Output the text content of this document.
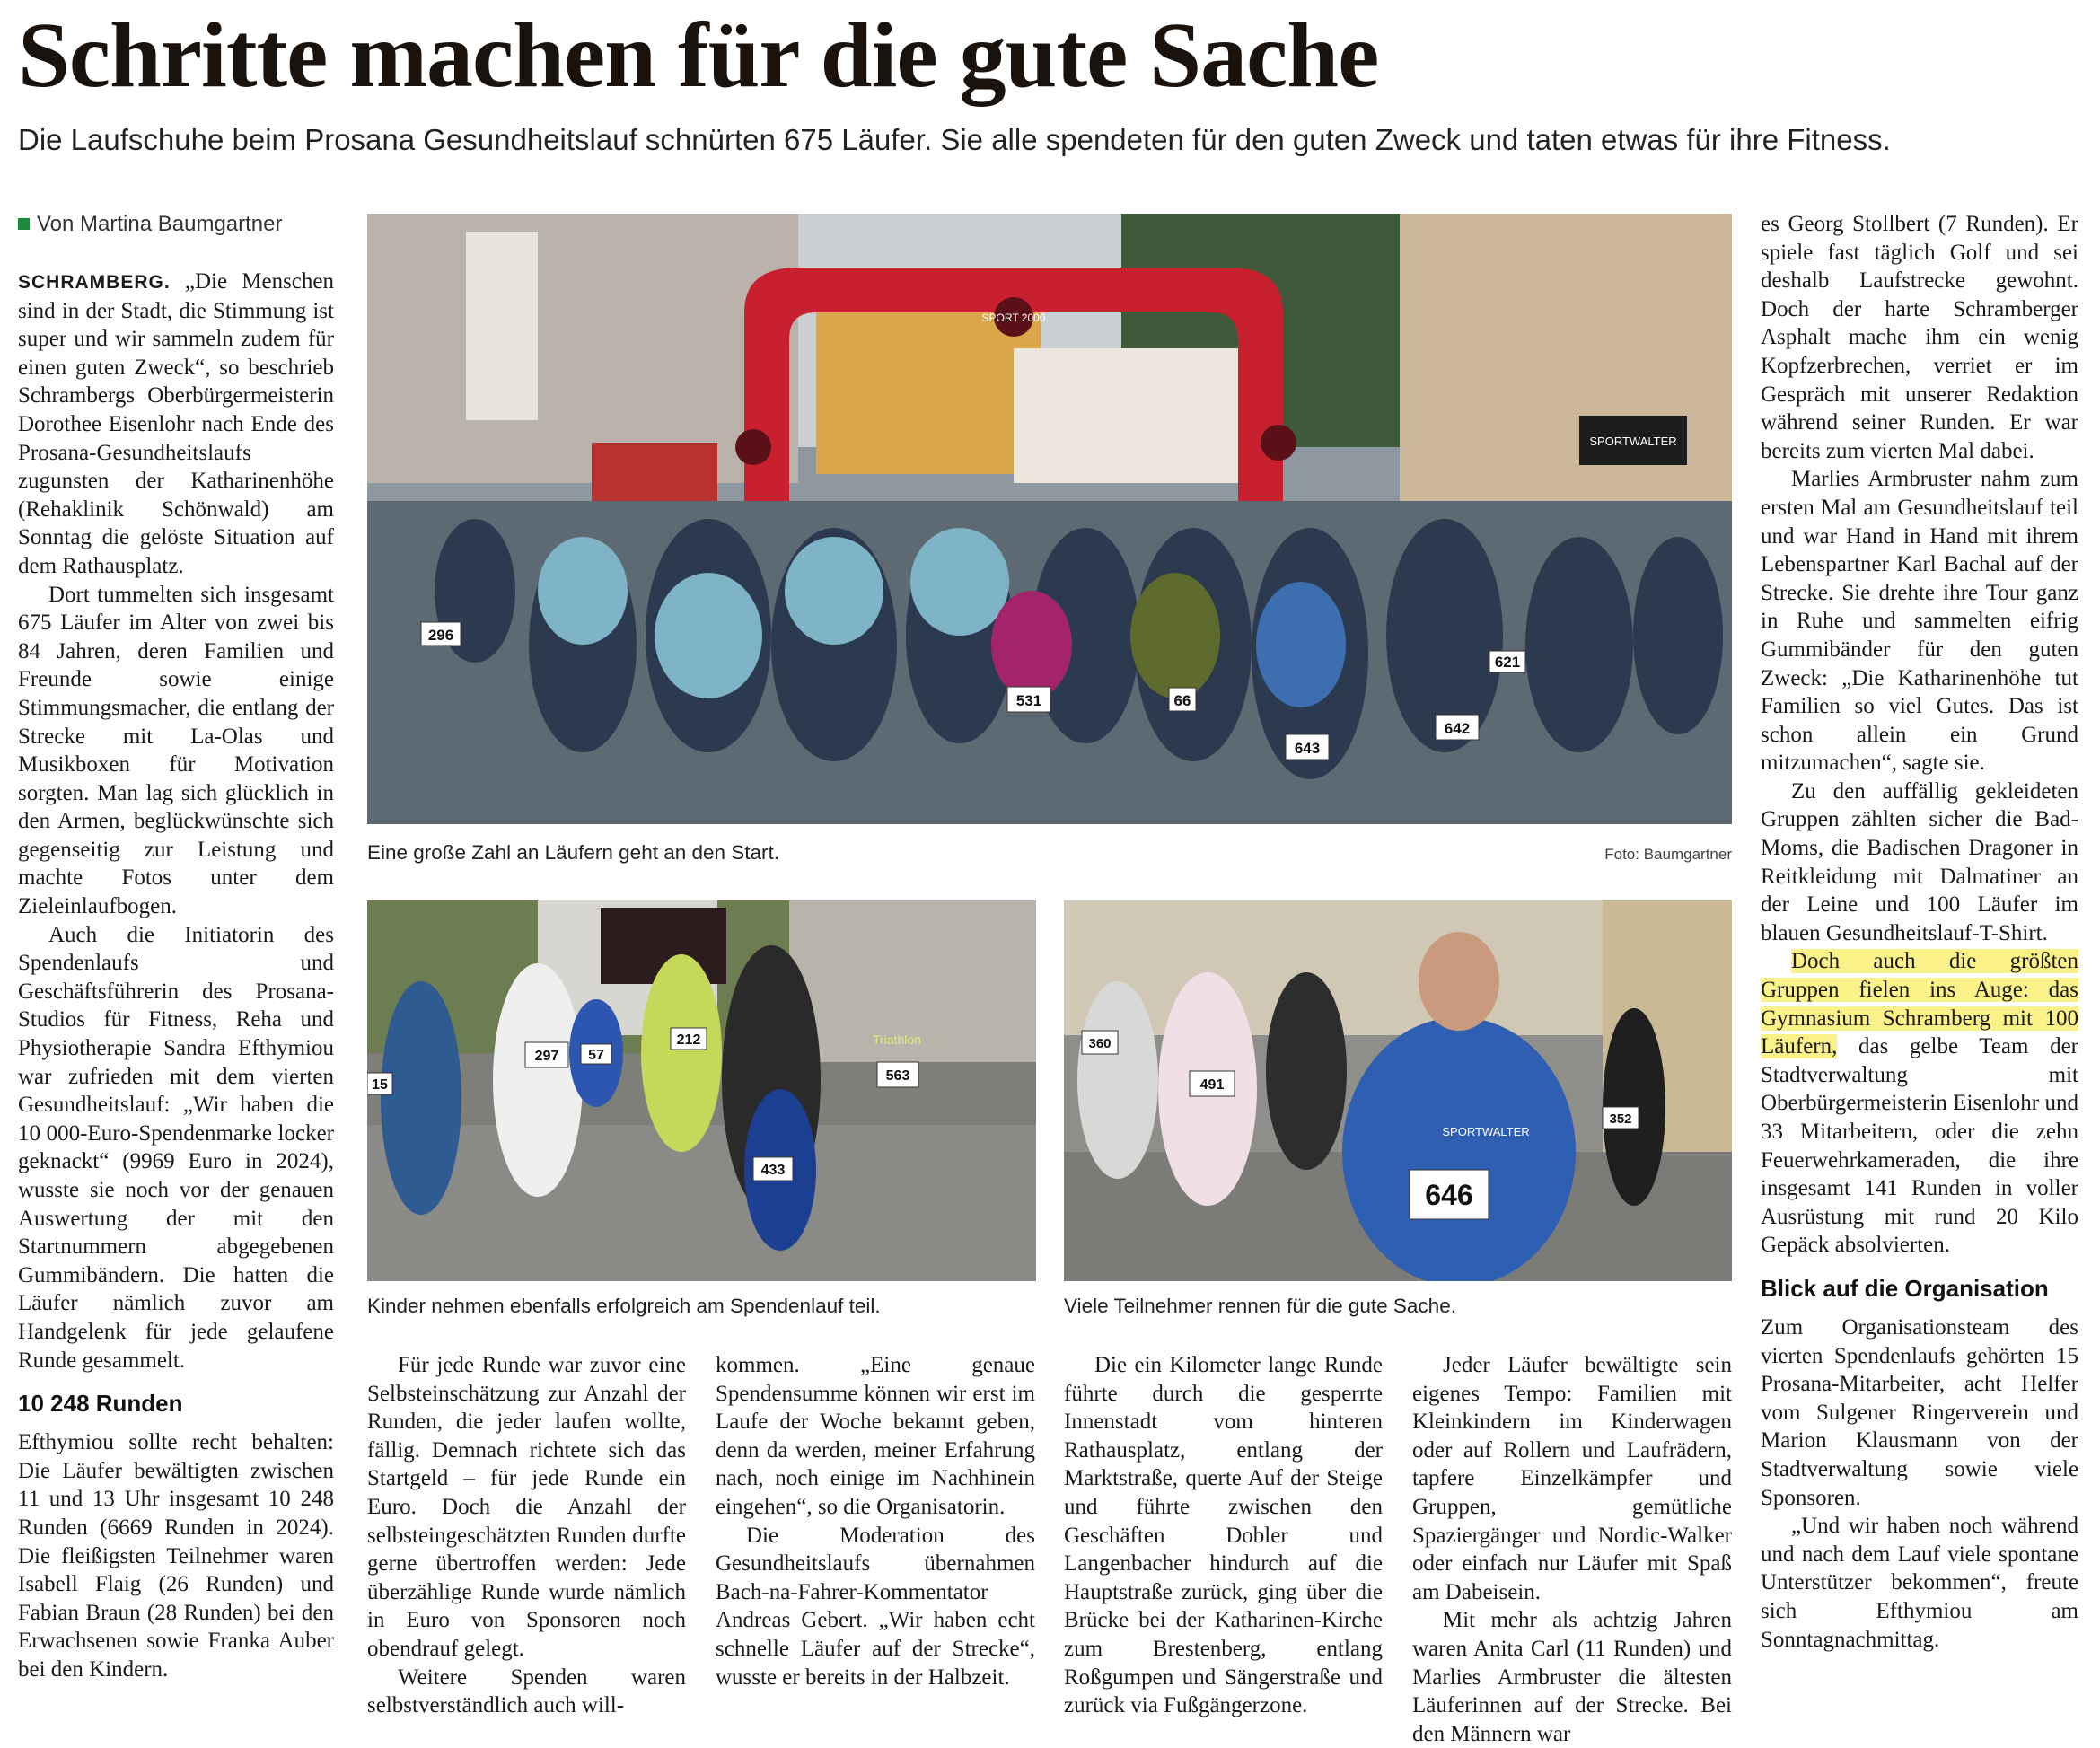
Schritte machen für die gute Sache

Die Laufschuhe beim Prosana Gesundheitslauf schnürten 675 Läufer. Sie alle spendeten für den guten Zweck und taten etwas für ihre Fitness.

Von Martina Baumgartner

SCHRAMBERG. „Die Menschen sind in der Stadt, die Stimmung ist super und wir sammeln zudem für einen guten Zweck“, so beschrieb Schrambergs Oberbürgermeisterin Dorothee Eisenlohr nach Ende des Prosana-Gesundheitslaufs zugunsten der Katharinenhöhe (Rehaklinik Schönwald) am Sonntag die gelöste Situation auf dem Rathausplatz.

Dort tummelten sich insgesamt 675 Läufer im Alter von zwei bis 84 Jahren, deren Familien und Freunde sowie einige Stimmungsmacher, die entlang der Strecke mit La-Olas und Musikboxen für Motivation sorgten. Man lag sich glücklich in den Armen, beglückwünschte sich gegenseitig zur Leistung und machte Fotos unter dem Zieleinlaufbogen.

Auch die Initiatorin des Spendenlaufs und Geschäftsführerin des Prosana-Studios für Fitness, Reha und Physiotherapie Sandra Efthymiou war zufrieden mit dem vierten Gesundheitslauf: „Wir haben die 10 000-Euro-Spendenmarke locker geknackt“ (9969 Euro in 2024), wusste sie noch vor der genauen Auswertung der mit den Startnummern abgegebenen Gummibändern. Die hatten die Läufer nämlich zuvor am Handgelenk für jede gelaufene Runde gesammelt.

10 248 Runden

Efthymiou sollte recht behalten: Die Läufer bewältigten zwischen 11 und 13 Uhr insgesamt 10 248 Runden (6669 Runden in 2024). Die fleißigsten Teilnehmer waren Isabell Flaig (26 Runden) und Fabian Braun (28 Runden) bei den Erwachsenen sowie Franka Auber bei den Kindern.

SPORT 2000
SPORTWALTER
296
531
643
642
621
66
Eine große Zahl an Läufern geht an den Start.	Foto: Baumgartner
297
212
563
57
433
15
Triathlon
Kinder nehmen ebenfalls erfolgreich am Spendenlauf teil.
646
491
360
352
SPORTWALTER
Viele Teilnehmer rennen für die gute Sache.

Für jede Runde war zuvor eine Selbsteinschätzung zur Anzahl der Runden, die jeder laufen wollte, fällig. Demnach richtete sich das Startgeld – für jede Runde ein Euro. Doch die Anzahl der selbsteingeschätzten Runden durfte gerne übertroffen werden: Jede überzählige Runde wurde nämlich in Euro von Sponsoren noch obendrauf gelegt.

Weitere Spenden waren selbstverständlich auch will-

kommen. „Eine genaue Spendensumme können wir erst im Laufe der Woche bekannt geben, denn da werden, meiner Erfahrung nach, noch einige im Nachhinein eingehen“, so die Organisatorin.

Die Moderation des Gesundheitslaufs übernahmen Bach-na-Fahrer-Kommentator Andreas Gebert. „Wir haben echt schnelle Läufer auf der Strecke“, wusste er bereits in der Halbzeit.

Die ein Kilometer lange Runde führte durch die gesperrte Innenstadt vom hinteren Rathausplatz, entlang der Marktstraße, querte Auf der Steige und führte zwischen den Geschäften Dobler und Langenbacher hindurch auf die Hauptstraße zurück, ging über die Brücke bei der Katharinen-Kirche zum Brestenberg, entlang Roßgumpen und Sängerstraße und zurück via Fußgängerzone.

Jeder Läufer bewältigte sein eigenes Tempo: Familien mit Kleinkindern im Kinderwagen oder auf Rollern und Laufrädern, tapfere Einzelkämpfer und Gruppen, gemütliche Spaziergänger und Nordic-Walker oder einfach nur Läufer mit Spaß am Dabeisein.

Mit mehr als achtzig Jahren waren Anita Carl (11 Runden) und Marlies Armbruster die ältesten Läuferinnen auf der Strecke. Bei den Männern war

es Georg Stollbert (7 Runden). Er spiele fast täglich Golf und sei deshalb Laufstrecke gewohnt. Doch der harte Schramberger Asphalt mache ihm ein wenig Kopfzerbrechen, verriet er im Gespräch mit unserer Redaktion während seiner Runden. Er war bereits zum vierten Mal dabei.

Marlies Armbruster nahm zum ersten Mal am Gesundheitslauf teil und war Hand in Hand mit ihrem Lebenspartner Karl Bachal auf der Strecke. Sie drehte ihre Tour ganz in Ruhe und sammelten eifrig Gummibänder für den guten Zweck: „Die Katharinenhöhe tut Familien so viel Gutes. Das ist schon allein ein Grund mitzumachen“, sagte sie.

Zu den auffällig gekleideten Gruppen zählten sicher die Bad-Moms, die Badischen Dragoner in Reitkleidung mit Dalmatiner an der Leine und 100 Läufer im blauen Gesundheitslauf-T-Shirt.

Doch auch die größten Gruppen fielen ins Auge: das Gymnasium Schramberg mit 100 Läufern, das gelbe Team der Stadtverwaltung mit Oberbürgermeisterin Eisenlohr und 33 Mitarbeitern, oder die zehn Feuerwehrkameraden, die ihre insgesamt 141 Runden in voller Ausrüstung mit rund 20 Kilo Gepäck absolvierten.

Blick auf die Organisation

Zum Organisationsteam des vierten Spendenlaufs gehörten 15 Prosana-Mitarbeiter, acht Helfer vom Sulgener Ringerverein und Marion Klausmann von der Stadtverwaltung sowie viele Sponsoren.

„Und wir haben noch während und nach dem Lauf viele spontane Unterstützer bekommen“, freute sich Efthymiou am Sonntagnachmittag.
